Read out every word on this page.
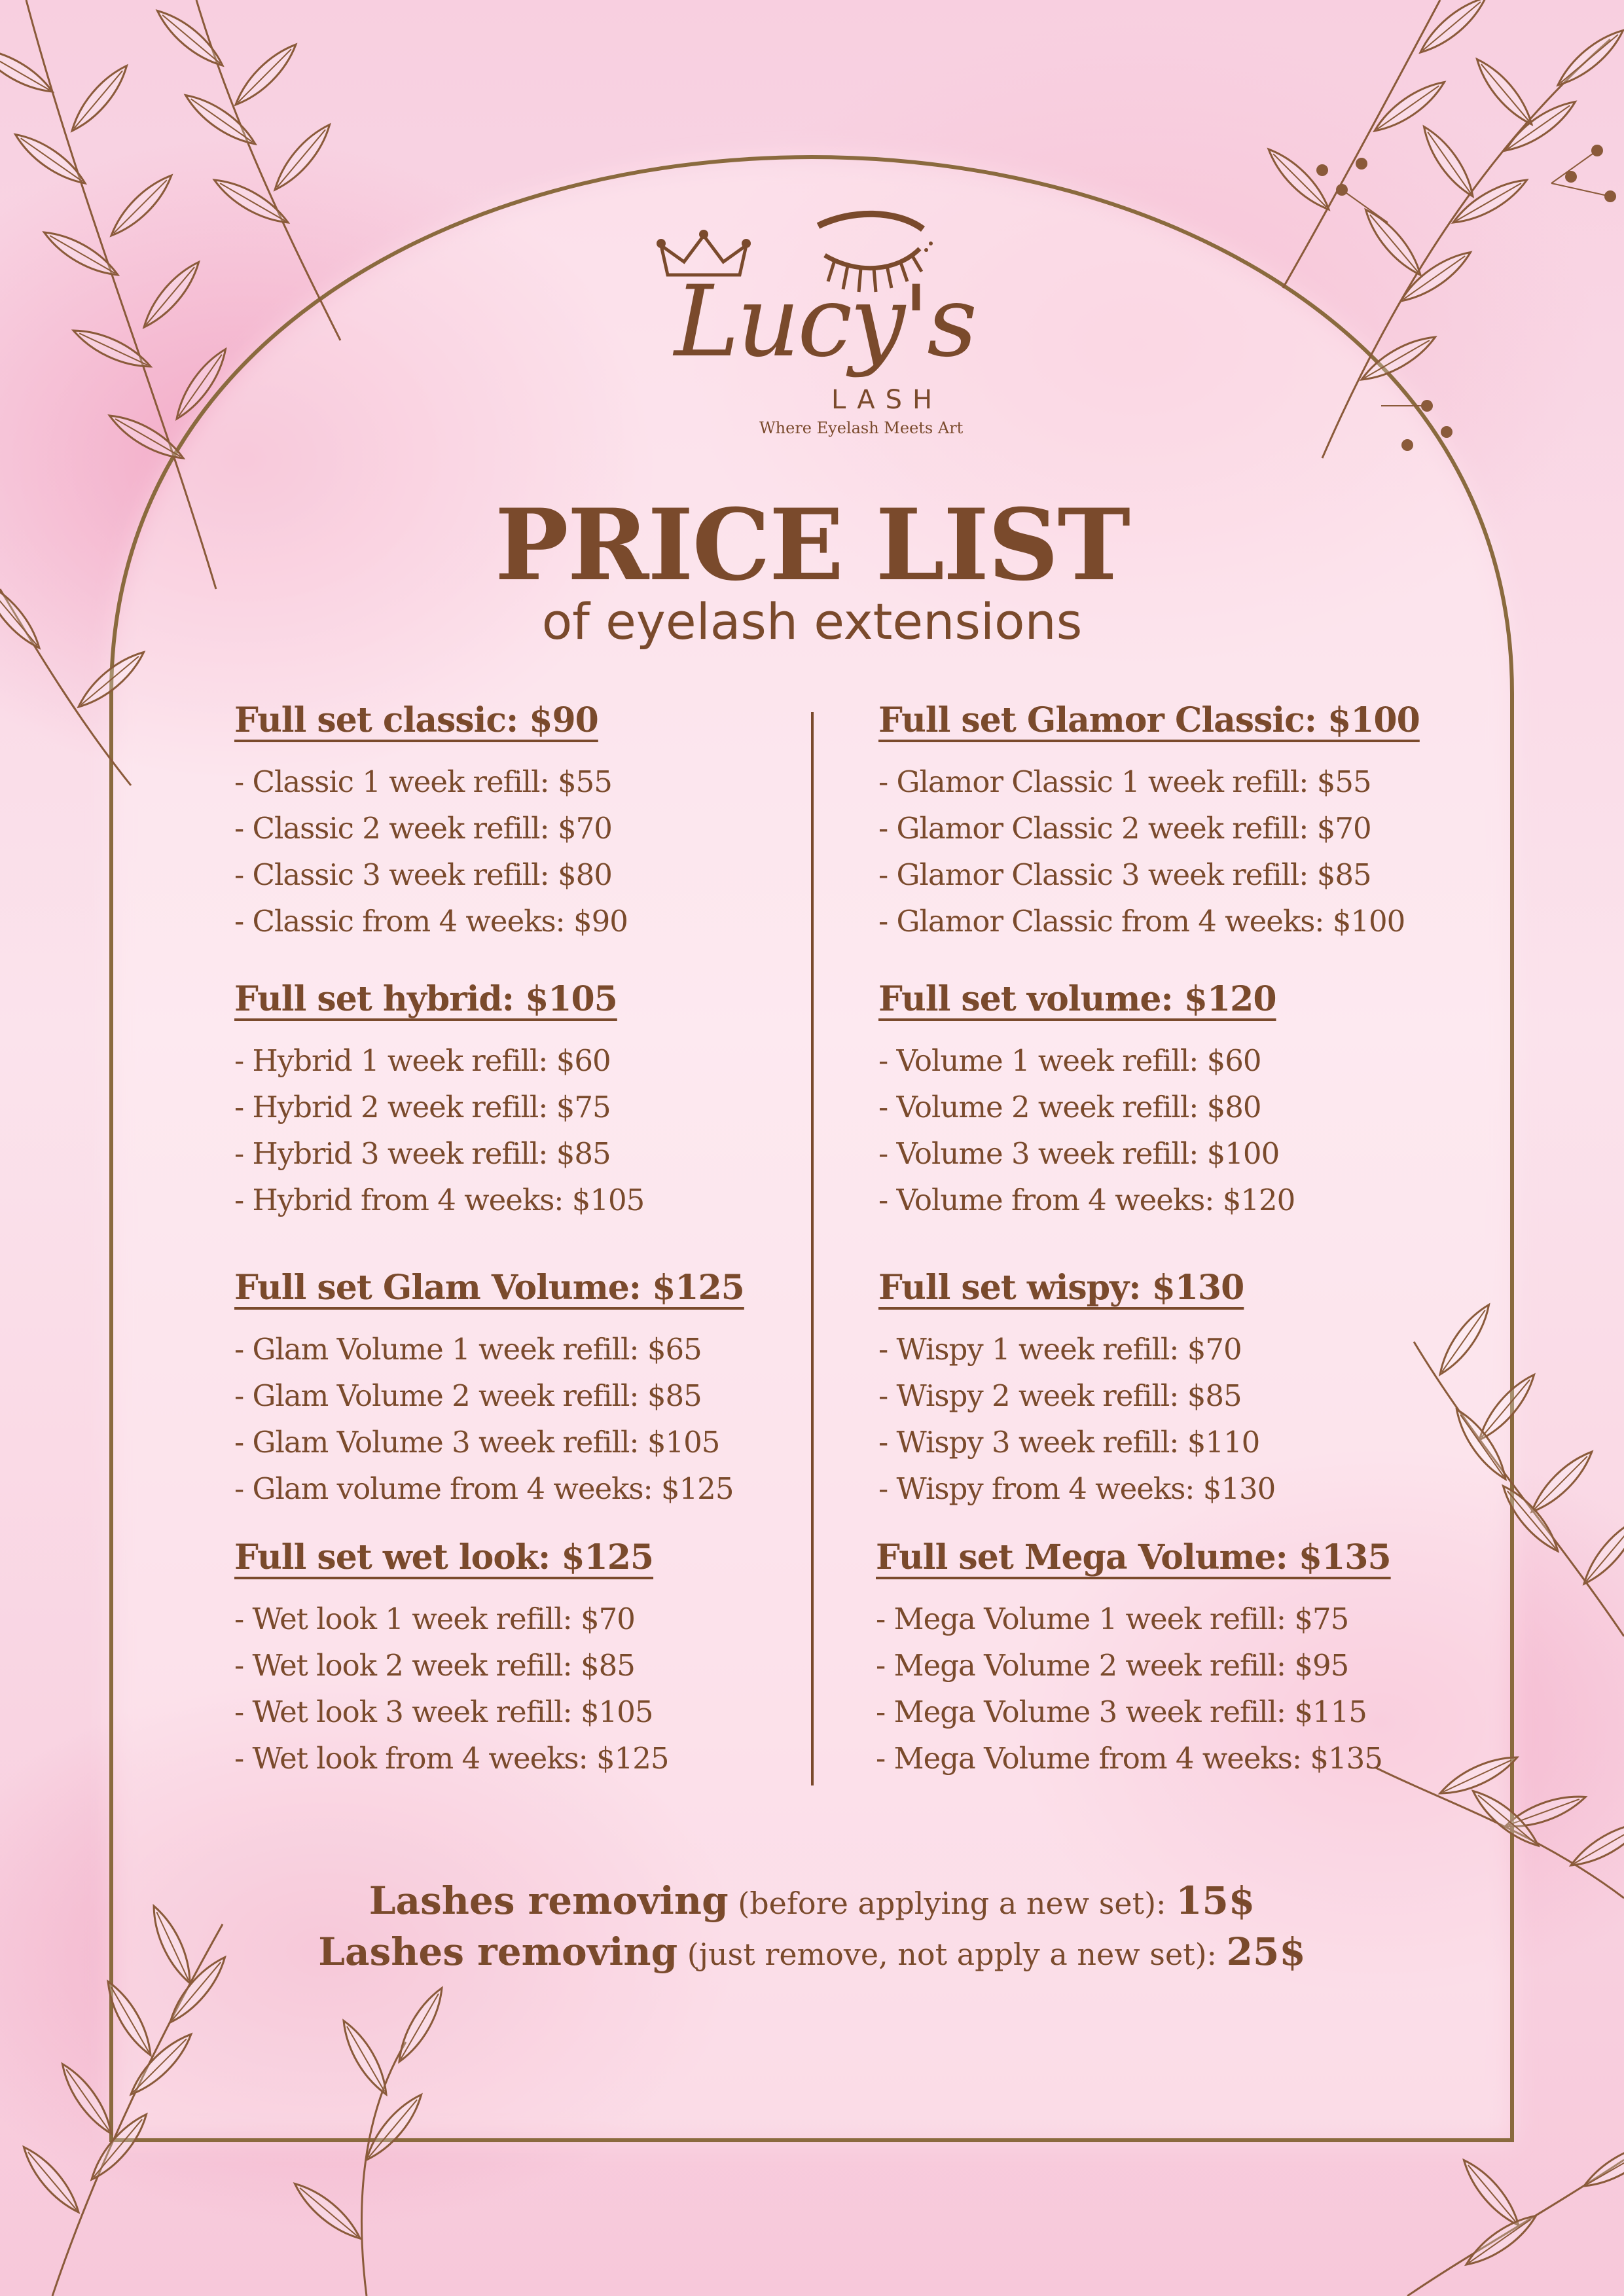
Lucy's
LASH
Where Eyelash Meets Art
PRICE LIST
of eyelash extensions
Full set classic: $90
- Classic 1 week refill: $55
- Classic 2 week refill: $70
- Classic 3 week refill: $80
- Classic from 4 weeks: $90
Full set hybrid: $105
- Hybrid 1 week refill: $60
- Hybrid 2 week refill: $75
- Hybrid 3 week refill: $85
- Hybrid from 4 weeks: $105
Full set Glam Volume: $125
- Glam Volume 1 week refill: $65
- Glam Volume 2 week refill: $85
- Glam Volume 3 week refill: $105
- Glam volume from 4 weeks: $125
Full set wet look: $125
- Wet look 1 week refill: $70
- Wet look 2 week refill: $85
- Wet look 3 week refill: $105
- Wet look from 4 weeks: $125
Full set Glamor Classic: $100
- Glamor Classic 1 week refill: $55
- Glamor Classic 2 week refill: $70
- Glamor Classic 3 week refill: $85
- Glamor Classic from 4 weeks: $100
Full set volume: $120
- Volume 1 week refill: $60
- Volume 2 week refill: $80
- Volume 3 week refill: $100
- Volume from 4 weeks: $120
Full set wispy: $130
- Wispy 1 week refill: $70
- Wispy 2 week refill: $85
- Wispy 3 week refill: $110
- Wispy from 4 weeks: $130
Full set Mega Volume: $135
- Mega Volume 1 week refill: $75
- Mega Volume 2 week refill: $95
- Mega Volume 3 week refill: $115
- Mega Volume from 4 weeks: $135
Lashes removing (before applying a new set): 15$
Lashes removing (just remove, not apply a new set): 25$
